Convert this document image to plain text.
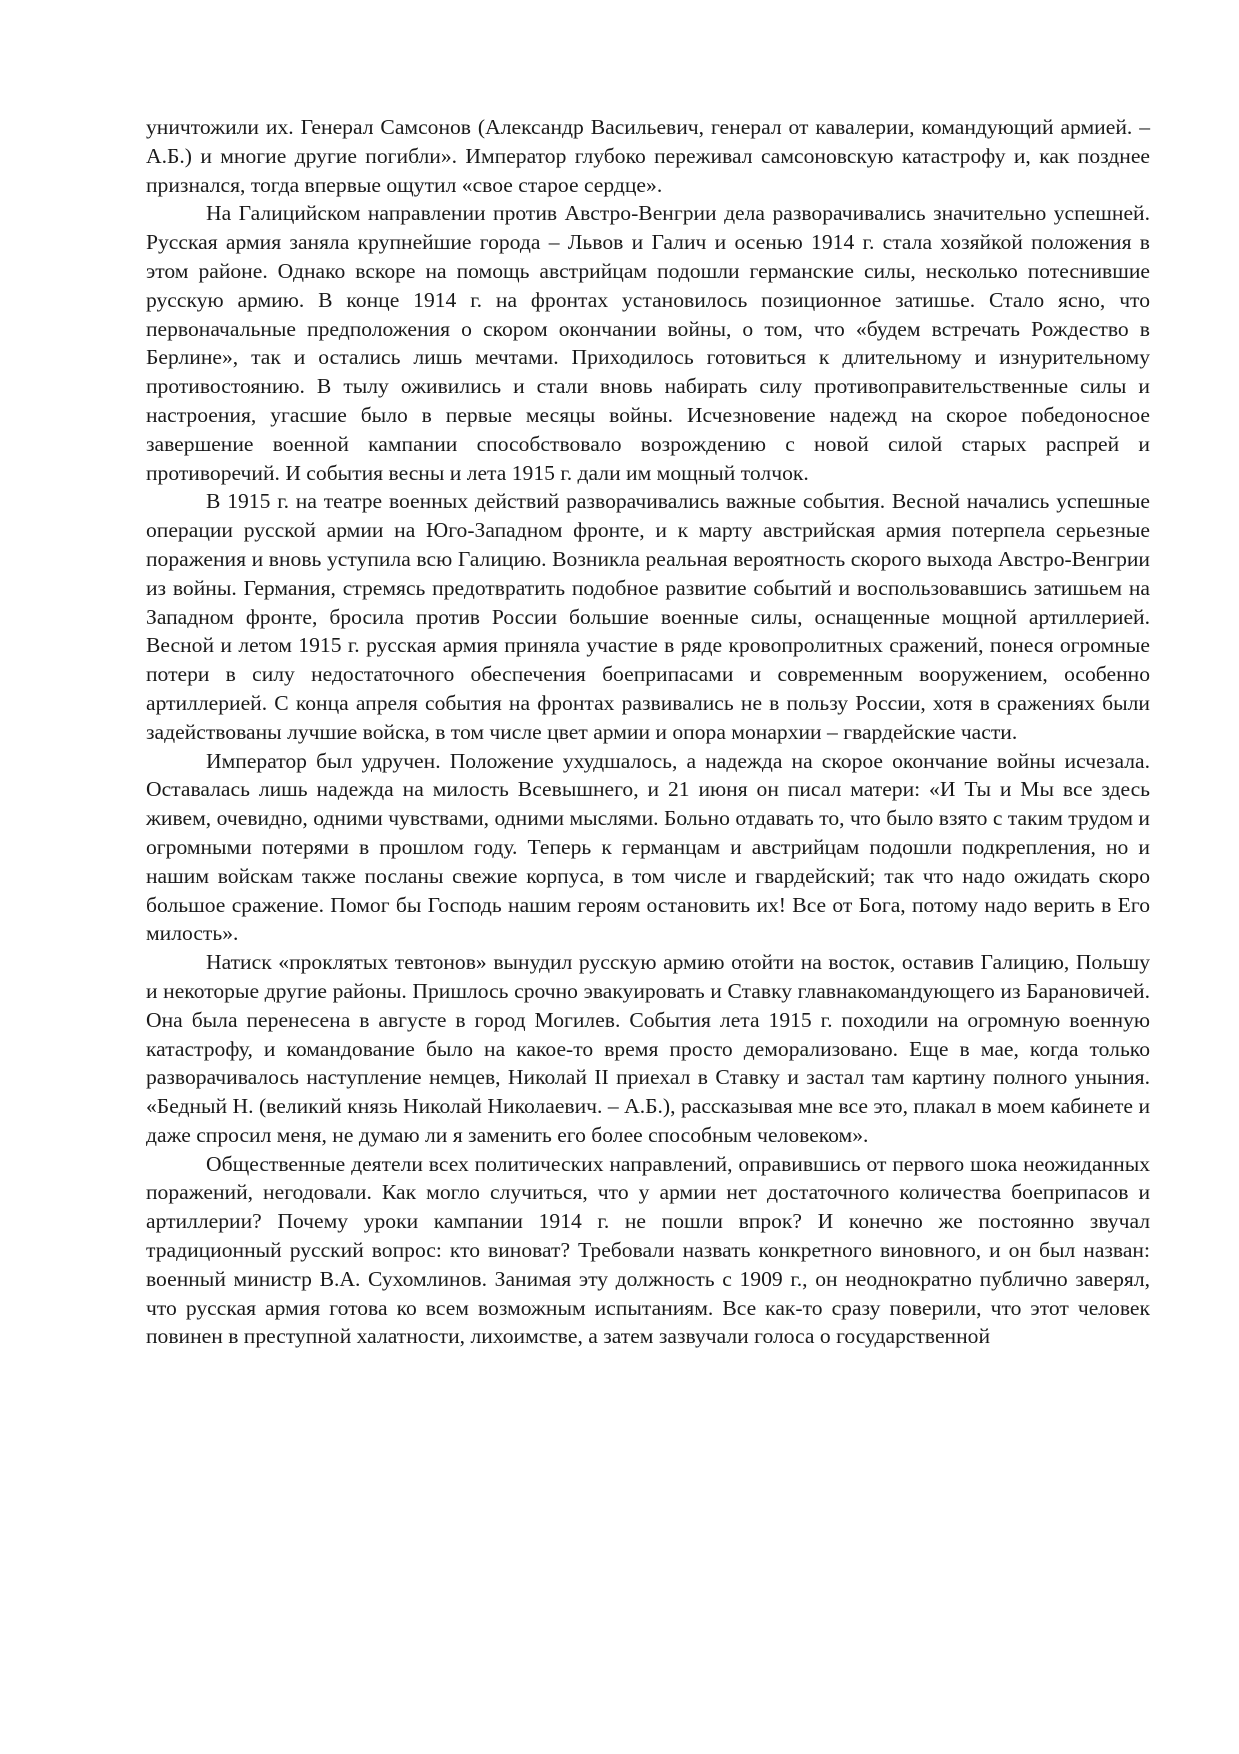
уничтожили их. Генерал Самсонов (Александр Васильевич, генерал от кавалерии, командующий армией. – А.Б.) и многие другие погибли». Император глубоко переживал самсоновскую катастрофу и, как позднее признался, тогда впервые ощутил «свое старое сердце».

На Галицийском направлении против Австро-Венгрии дела разворачивались значительно успешней. Русская армия заняла крупнейшие города – Львов и Галич и осенью 1914 г. стала хозяйкой положения в этом районе. Однако вскоре на помощь австрийцам подошли германские силы, несколько потеснившие русскую армию. В конце 1914 г. на фронтах установилось позиционное затишье. Стало ясно, что первоначальные предположения о скором окончании войны, о том, что «будем встречать Рождество в Берлине», так и остались лишь мечтами. Приходилось готовиться к длительному и изнурительному противостоянию. В тылу оживились и стали вновь набирать силу противоправительственные силы и настроения, угасшие было в первые месяцы войны. Исчезновение надежд на скорое победоносное завершение военной кампании способствовало возрождению с новой силой старых распрей и противоречий. И события весны и лета 1915 г. дали им мощный толчок.

В 1915 г. на театре военных действий разворачивались важные события. Весной начались успешные операции русской армии на Юго-Западном фронте, и к марту австрийская армия потерпела серьезные поражения и вновь уступила всю Галицию. Возникла реальная вероятность скорого выхода Австро-Венгрии из войны. Германия, стремясь предотвратить подобное развитие событий и воспользовавшись затишьем на Западном фронте, бросила против России большие военные силы, оснащенные мощной артиллерией. Весной и летом 1915 г. русская армия приняла участие в ряде кровопролитных сражений, понеся огромные потери в силу недостаточного обеспечения боеприпасами и современным вооружением, особенно артиллерией. С конца апреля события на фронтах развивались не в пользу России, хотя в сражениях были задействованы лучшие войска, в том числе цвет армии и опора монархии – гвардейские части.

Император был удручен. Положение ухудшалось, а надежда на скорое окончание войны исчезала. Оставалась лишь надежда на милость Всевышнего, и 21 июня он писал матери: «И Ты и Мы все здесь живем, очевидно, одними чувствами, одними мыслями. Больно отдавать то, что было взято с таким трудом и огромными потерями в прошлом году. Теперь к германцам и австрийцам подошли подкрепления, но и нашим войскам также посланы свежие корпуса, в том числе и гвардейский; так что надо ожидать скоро большое сражение. Помог бы Господь нашим героям остановить их! Все от Бога, потому надо верить в Его милость».

Натиск «проклятых тевтонов» вынудил русскую армию отойти на восток, оставив Галицию, Польшу и некоторые другие районы. Пришлось срочно эвакуировать и Ставку главнакомандующего из Барановичей. Она была перенесена в августе в город Могилев. События лета 1915 г. походили на огромную военную катастрофу, и командование было на какое-то время просто деморализовано. Еще в мае, когда только разворачивалось наступление немцев, Николай II приехал в Ставку и застал там картину полного уныния. «Бедный Н. (великий князь Николай Николаевич. – А.Б.), рассказывая мне все это, плакал в моем кабинете и даже спросил меня, не думаю ли я заменить его более способным человеком».

Общественные деятели всех политических направлений, оправившись от первого шока неожиданных поражений, негодовали. Как могло случиться, что у армии нет достаточного количества боеприпасов и артиллерии? Почему уроки кампании 1914 г. не пошли впрок? И конечно же постоянно звучал традиционный русский вопрос: кто виноват? Требовали назвать конкретного виновного, и он был назван: военный министр В.А. Сухомлинов. Занимая эту должность с 1909 г., он неоднократно публично заверял, что русская армия готова ко всем возможным испытаниям. Все как-то сразу поверили, что этот человек повинен в преступной халатности, лихоимстве, а затем зазвучали голоса о государственной
